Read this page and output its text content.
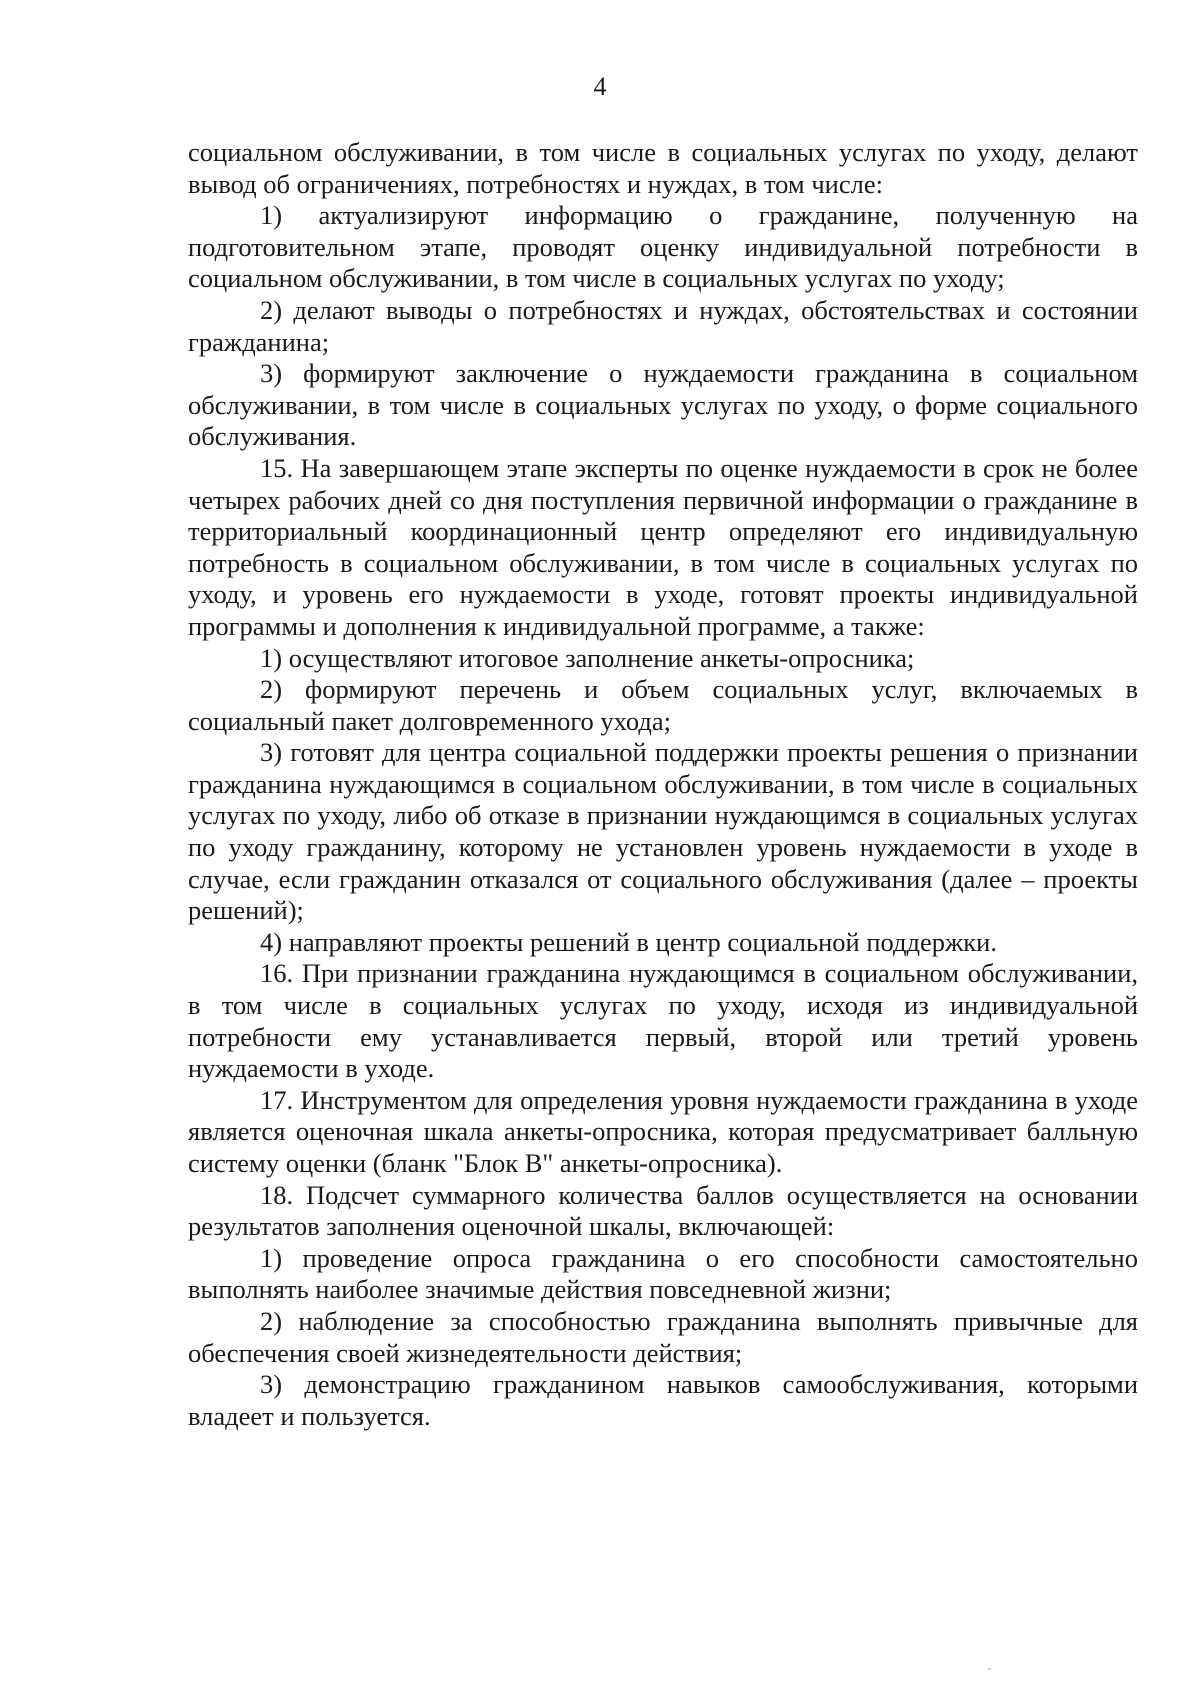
4

социальном обслуживании, в том числе в социальных услугах по уходу, делают вывод об ограничениях, потребностях и нуждах, в том числе:

1) актуализируют информацию о гражданине, полученную на подготовительном этапе, проводят оценку индивидуальной потребности в социальном обслуживании, в том числе в социальных услугах по уходу;

2) делают выводы о потребностях и нуждах, обстоятельствах и состоянии гражданина;

3) формируют заключение о нуждаемости гражданина в социальном обслуживании, в том числе в социальных услугах по уходу, о форме социального обслуживания.

15. На завершающем этапе эксперты по оценке нуждаемости в срок не более четырех рабочих дней со дня поступления первичной информации о гражданине в территориальный координационный центр определяют его индивидуальную потребность в социальном обслуживании, в том числе в социальных услугах по уходу, и уровень его нуждаемости в уходе, готовят проекты индивидуальной программы и дополнения к индивидуальной программе, а также:

1) осуществляют итоговое заполнение анкеты-опросника;

2) формируют перечень и объем социальных услуг, включаемых в социальный пакет долговременного ухода;

3) готовят для центра социальной поддержки проекты решения о признании гражданина нуждающимся в социальном обслуживании, в том числе в социальных услугах по уходу, либо об отказе в признании нуждающимся в социальных услугах по уходу гражданину, которому не установлен уровень нуждаемости в уходе в случае, если гражданин отказался от социального обслуживания (далее – проекты решений);

4) направляют проекты решений в центр социальной поддержки.

16. При признании гражданина нуждающимся в социальном обслуживании, в том числе в социальных услугах по уходу, исходя из индивидуальной потребности ему устанавливается первый, второй или третий уровень нуждаемости в уходе.

17. Инструментом для определения уровня нуждаемости гражданина в уходе является оценочная шкала анкеты-опросника, которая предусматривает балльную систему оценки (бланк "Блок В" анкеты-опросника).

18. Подсчет суммарного количества баллов осуществляется на основании результатов заполнения оценочной шкалы, включающей:

1) проведение опроса гражданина о его способности самостоятельно выполнять наиболее значимые действия повседневной жизни;

2) наблюдение за способностью гражданина выполнять привычные для обеспечения своей жизнедеятельности действия;

3) демонстрацию гражданином навыков самообслуживания, которыми владеет и пользуется.
